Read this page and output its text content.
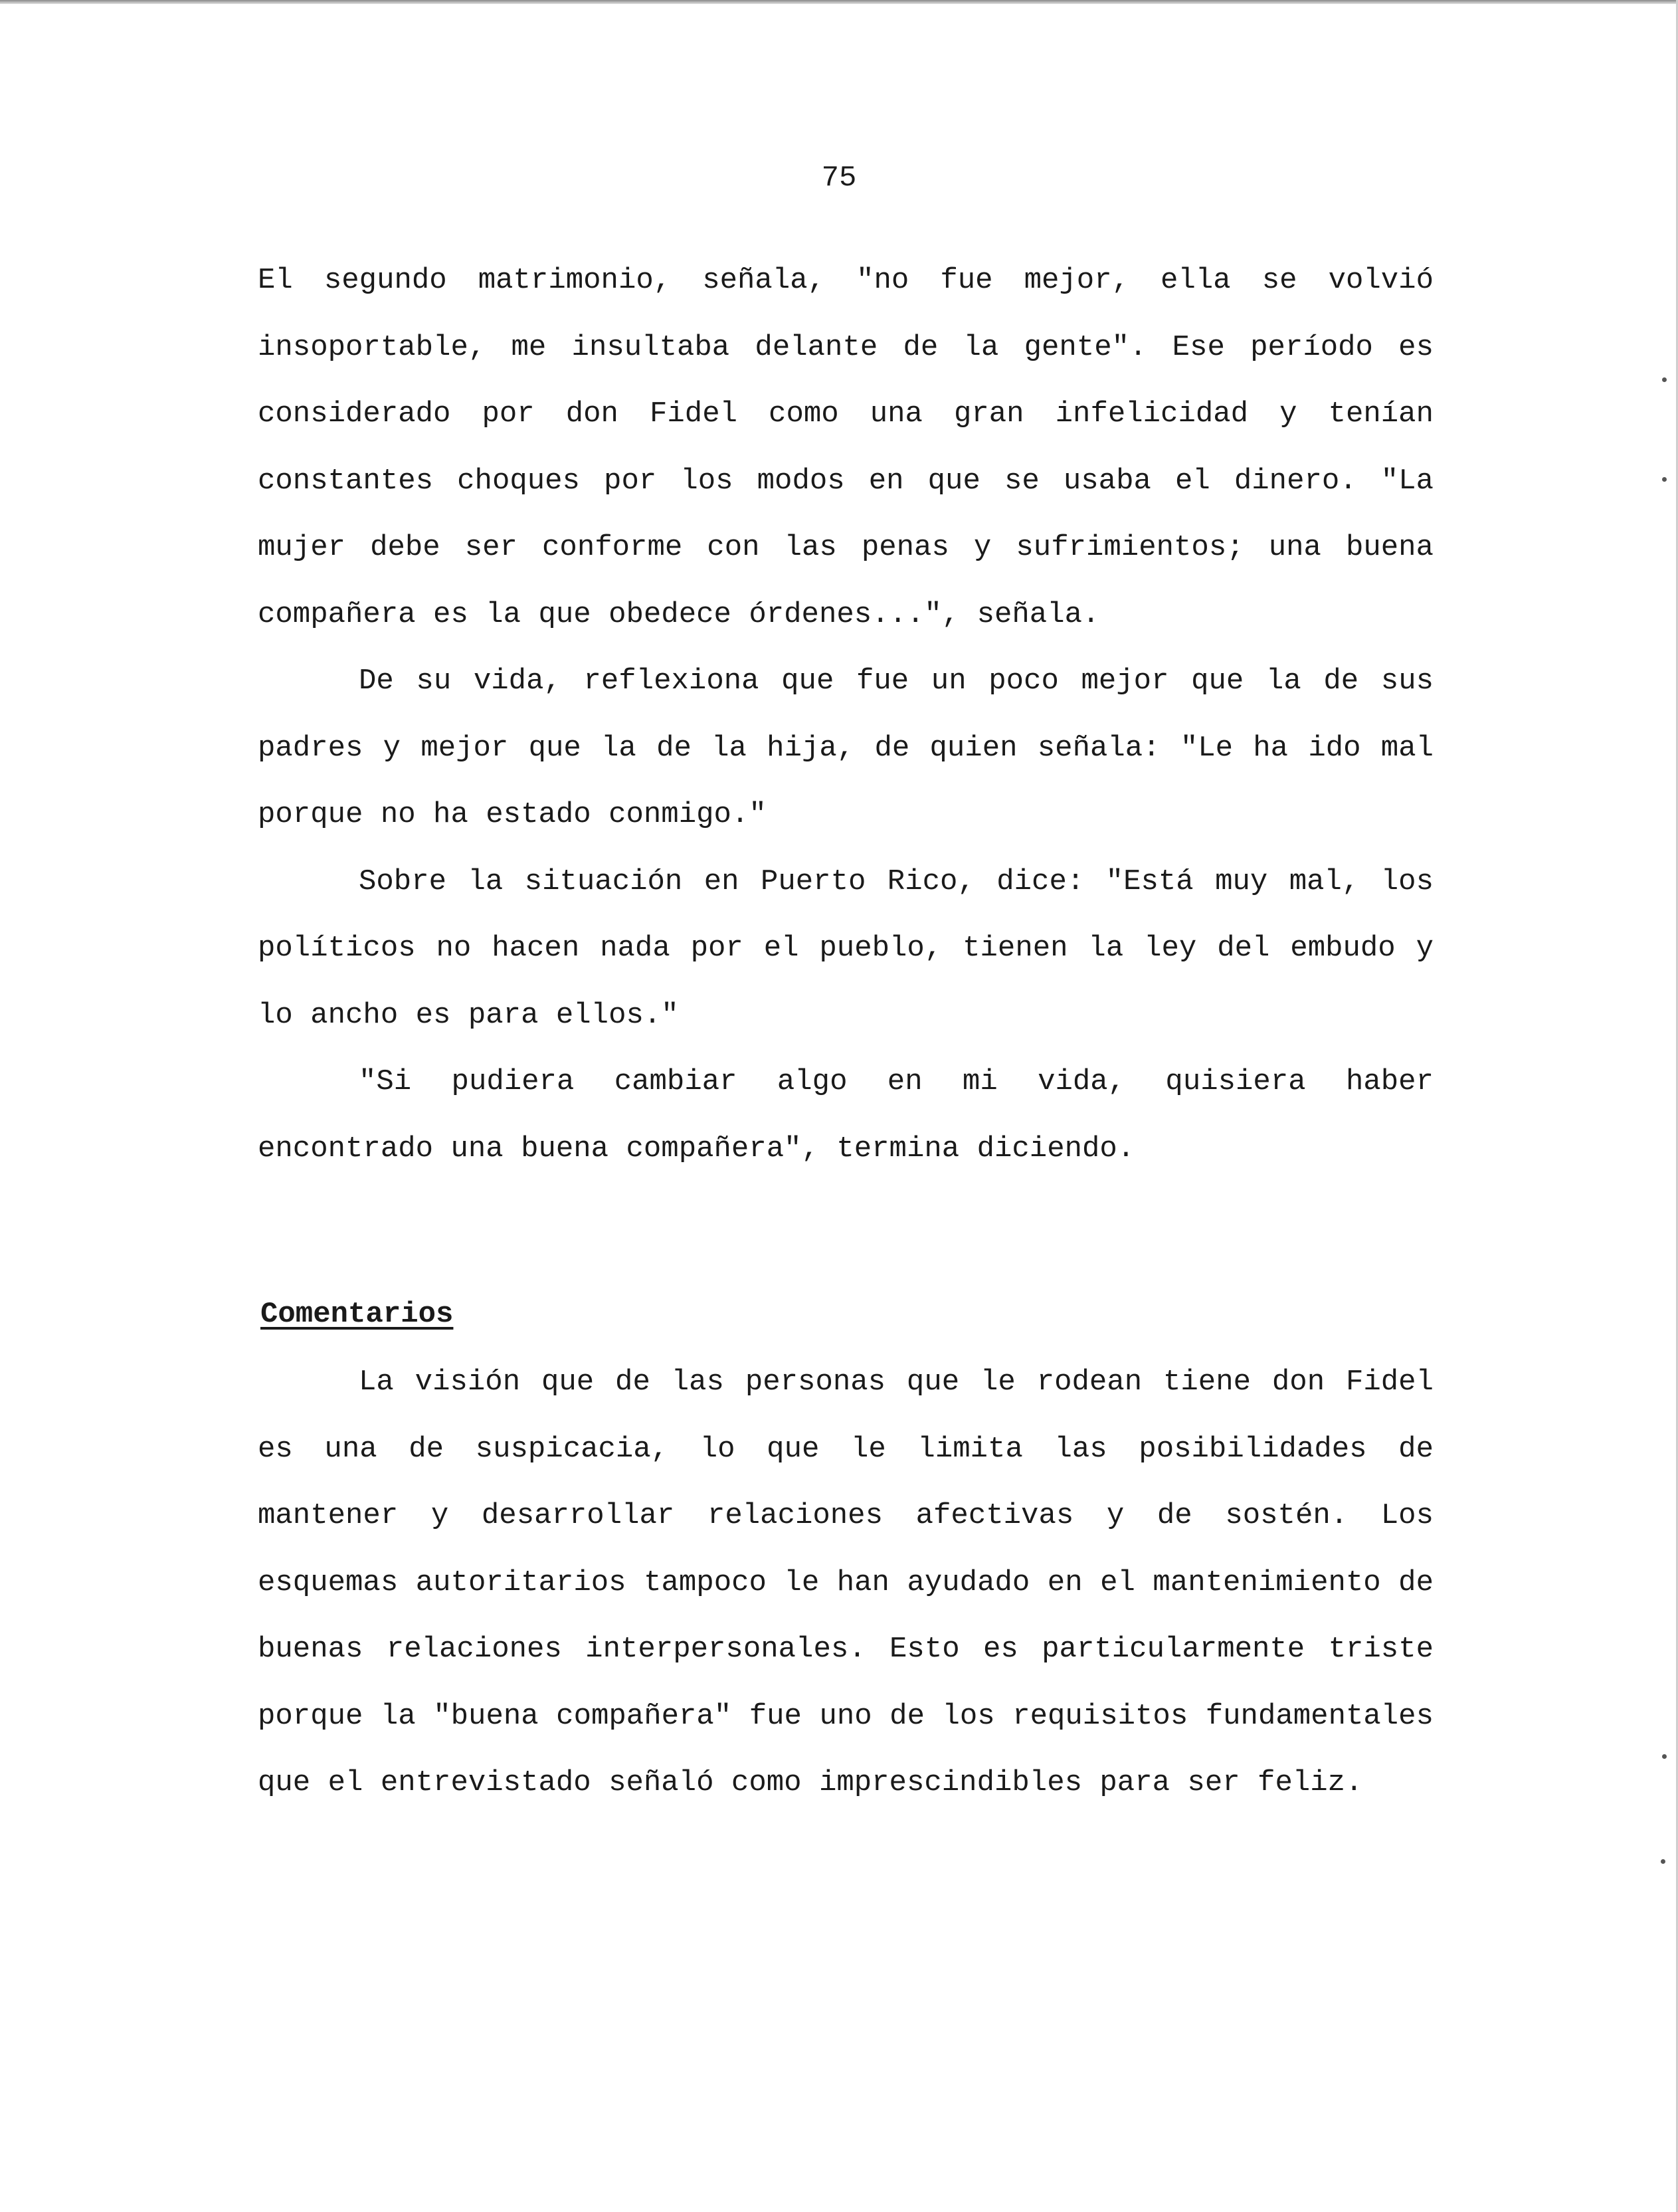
75

El segundo matrimonio, señala, "no fue mejor, ella se volvió insoportable, me insultaba delante de la gente". Ese período es considerado por don Fidel como una gran infelicidad y tenían constantes choques por los modos en que se usaba el dinero. "La mujer debe ser conforme con las penas y sufrimientos; una buena compañera es la que obedece órdenes...", señala.

De su vida, reflexiona que fue un poco mejor que la de sus padres y mejor que la de la hija, de quien señala: "Le ha ido mal porque no ha estado conmigo."

Sobre la situación en Puerto Rico, dice: "Está muy mal, los políticos no hacen nada por el pueblo, tienen la ley del embudo y lo ancho es para ellos."

"Si pudiera cambiar algo en mi vida, quisiera haber encontrado una buena compañera", termina diciendo.

Comentarios

La visión que de las personas que le rodean tiene don Fidel es una de suspicacia, lo que le limita las posibilidades de mantener y desarrollar relaciones afectivas y de sostén. Los esquemas autoritarios tampoco le han ayudado en el mantenimiento de buenas relaciones interpersonales. Esto es particularmente triste porque la "buena compañera" fue uno de los requisitos fundamentales que el entrevistado señaló como imprescindibles para ser feliz.
